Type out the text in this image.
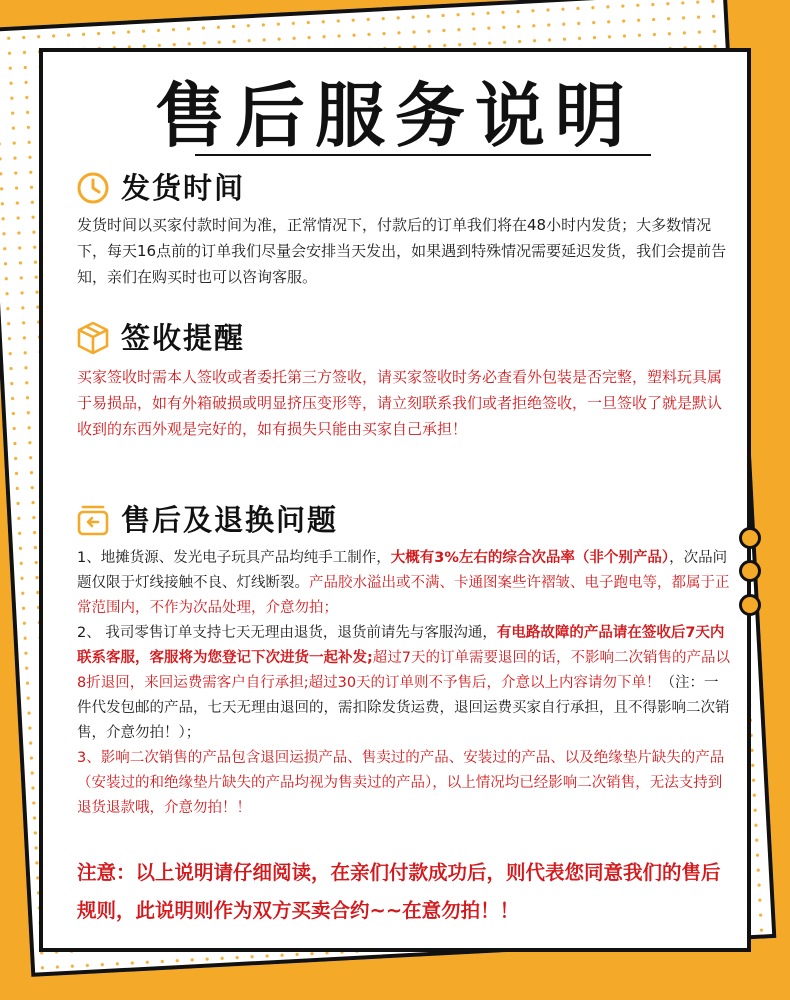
售后服务说明
发货时间
发货时间以买家付款时间为准，正常情况下，付款后的订单我们将在48小时内发货；大多数情况下，每天16点前的订单我们尽量会安排当天发出，如果遇到特殊情况需要延迟发货，我们会提前告知，亲们在购买时也可以咨询客服。
签收提醒
买家签收时需本人签收或者委托第三方签收，请买家签收时务必查看外包装是否完整，塑料玩具属于易损品，如有外箱破损或明显挤压变形等，请立刻联系我们或者拒绝签收，一旦签收了就是默认收到的东西外观是完好的，如有损失只能由买家自己承担！
售后及退换问题
1、地摊货源、发光电子玩具产品均纯手工制作，大概有3%左右的综合次品率（非个别产品），次品问题仅限于灯线接触不良、灯线断裂。产品胶水溢出或不满、卡通图案些许褶皱、电子跑电等，都属于正常范围内，不作为次品处理，介意勿拍；
2、 我司零售订单支持七天无理由退货，退货前请先与客服沟通，有电路故障的产品请在签收后7天内联系客服，客服将为您登记下次进货一起补发;超过7天的订单需要退回的话，不影响二次销售的产品以8折退回，来回运费需客户自行承担;超过30天的订单则不予售后，介意以上内容请勿下单！（注：一件代发包邮的产品，七天无理由退回的，需扣除发货运费，退回运费买家自行承担，且不得影响二次销售，介意勿拍！）；
3、影响二次销售的产品包含退回运损产品、售卖过的产品、安装过的产品、以及绝缘垫片缺失的产品（安装过的和绝缘垫片缺失的产品均视为售卖过的产品），以上情况均已经影响二次销售，无法支持到退货退款哦，介意勿拍！！
注意：以上说明请仔细阅读，在亲们付款成功后，则代表您同意我们的售后规则，此说明则作为双方买卖合约~~在意勿拍！！
